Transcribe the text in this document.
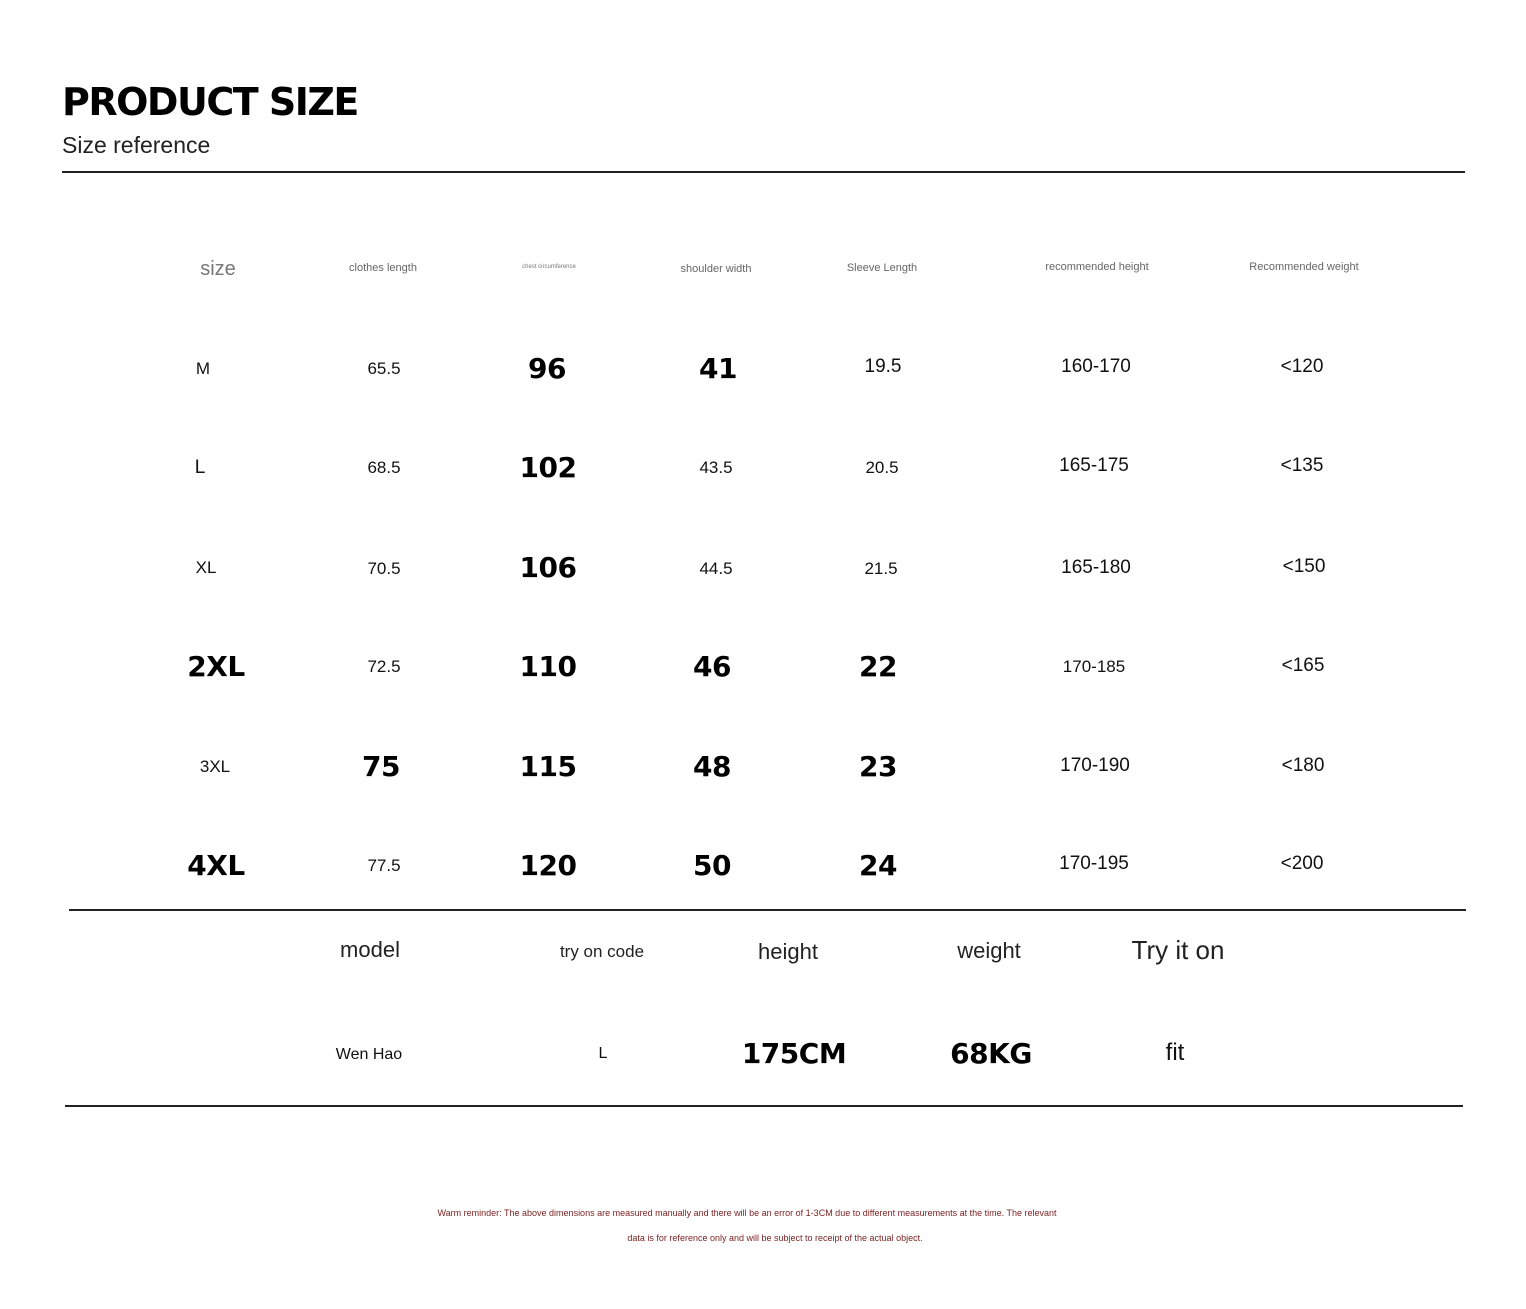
PRODUCT SIZE
Size reference
size	clothes length	chest circumference	shoulder width	Sleeve Length	recommended height	Recommended weight
M	65.5	96	41	19.5	160-170	<120
L	68.5	102	43.5	20.5	165-175	<135
XL	70.5	106	44.5	21.5	165-180	<150
2XL	72.5	110	46	22	170-185	<165
3XL	75	115	48	23	170-190	<180
4XL	77.5	120	50	24	170-195	<200
model	try on code	height	weight	Try it on
Wen Hao	L	175CM	68KG	fit
Warm reminder: The above dimensions are measured manually and there will be an error of 1-3CM due to different measurements at the time. The relevant
data is for reference only and will be subject to receipt of the actual object.
